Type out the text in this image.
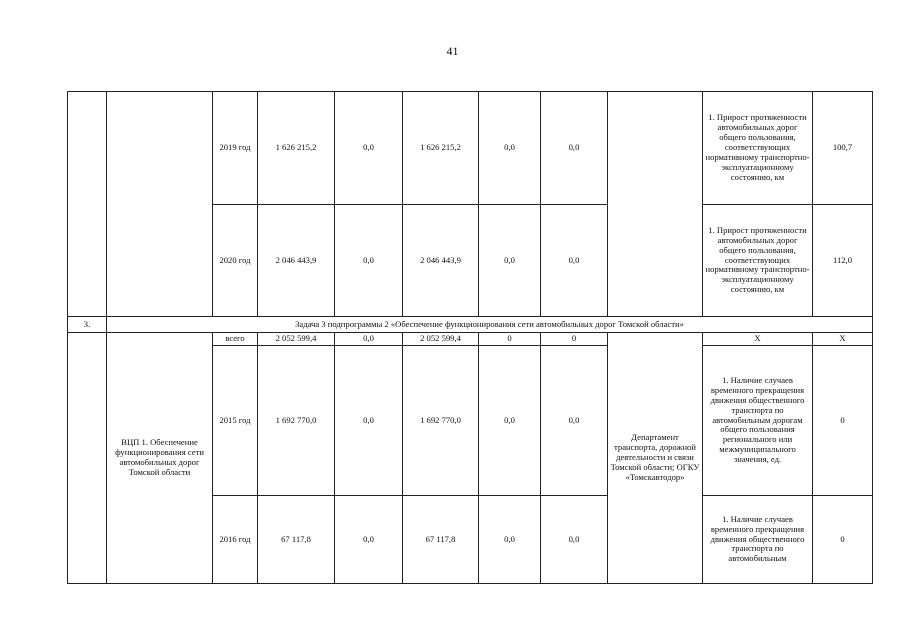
41
		2019 год	1 626 215,2	0,0	1 626 215,2	0,0	0,0		1. Прирост протяженности автомобильных дорог общего пользования, соответствующих нормативному транспортно-эксплуатационному состоянию, км	100,7
		2020 год	2 046 443,9	0,0	2 046 443,9	0,0	0,0		1. Прирост протяженности автомобильных дорог общего пользования, соответствующих нормативному транспортно-эксплуатационному состоянию, км	112,0
3.	Задача 3 подпрограммы 2 «Обеспечение функционирования сети автомобильных дорог Томской области»									
	ВЦП 1. Обеспечение функционирования сети автомобильных дорог Томской области	всего	2 052 599,4	0,0	2 052 599,4	0	0	Департамент транспорта, дорожной деятельности и связи Томской области; ОГКУ «Томскавтодор»	Х	Х
		2015 год	1 692 770,0	0,0	1 692 770,0	0,0	0,0		1. Наличие случаев временного прекращения движения общественного транспорта по автомобильным дорогам общего пользования регионального или межмуниципального значения, ед.	0
		2016 год	67 117,8	0,0	67 117,8	0,0	0,0		1. Наличие случаев временного прекращения движения общественного транспорта по автомобильным	0
